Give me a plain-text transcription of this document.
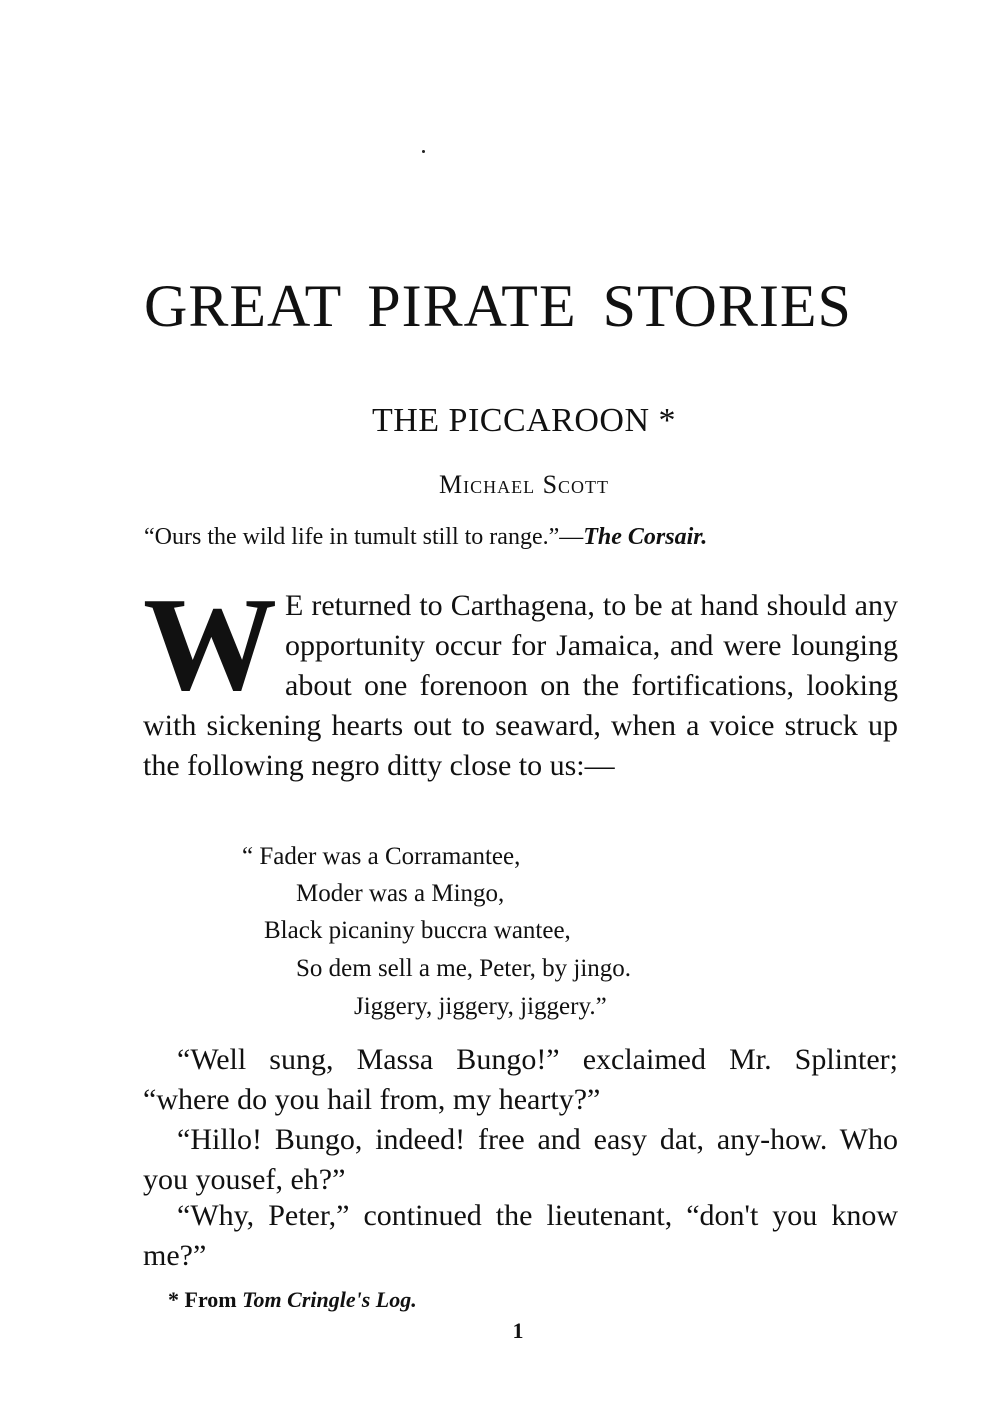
GREAT PIRATE STORIES
THE PICCAROON *
Michael Scott
“Ours the wild life in tumult still to range.”—The Corsair.
W E returned to Carthagena, to be at hand should any opportunity occur for Jamaica, and were lounging about one forenoon on the fortifications, looking with sickening hearts out to seaward, when a voice struck up the following negro ditty close to us:—
“ Fader was a Corramantee,
Moder was a Mingo,
Black picaniny buccra wantee,
So dem sell a me, Peter, by jingo.
Jiggery, jiggery, jiggery.”
“Well sung, Massa Bungo!” exclaimed Mr. Splinter; “where do you hail from, my hearty?”
“Hillo! Bungo, indeed! free and easy dat, any-how. Who you yousef, eh?”
“Why, Peter,” continued the lieutenant, “don't you know me?”
* From Tom Cringle's Log.
1
